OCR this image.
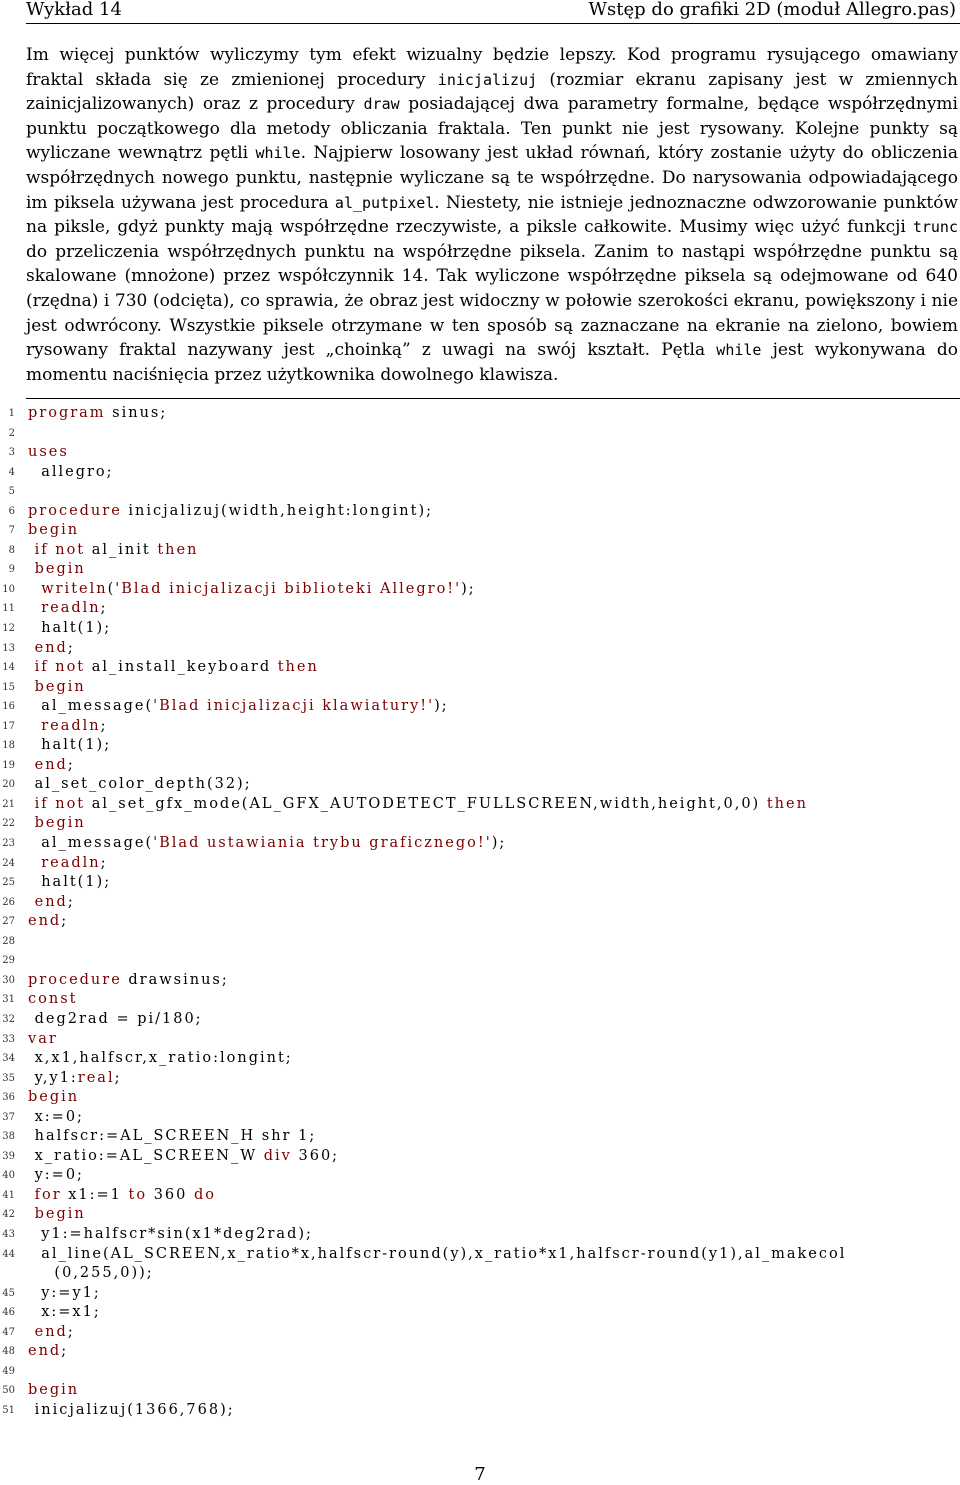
Wykład 14	Wstęp do grafiki 2D (moduł Allegro.pas)
Im więcej punktów wyliczymy tym efekt wizualny będzie lepszy. Kod programu rysującego omawiany fraktal składa się ze zmienionej procedury inicjalizuj (rozmiar ekranu zapisany jest w zmiennych zainicjalizowanych) oraz z procedury draw posiadającej dwa parametry formalne, będące współrzędnymi punktu początkowego dla metody obliczania fraktala. Ten punkt nie jest rysowany. Kolejne punkty są wyliczane wewnątrz pętli while. Najpierw losowany jest układ równań, który zostanie użyty do obliczenia współrzędnych nowego punktu, następnie wyliczane są te współrzędne. Do narysowania odpowiadającego im piksela używana jest procedura al_putpixel. Niestety, nie istnieje jednoznaczne odwzorowanie punktów na piksle, gdyż punkty mają współrzędne rzeczywiste, a piksle całkowite. Musimy więc użyć funkcji trunc do przeliczenia współrzędnych punktu na współrzędne piksela. Zanim to nastąpi współrzędne punktu są skalowane (mnożone) przez współczynnik 14. Tak wyliczone współrzędne piksela są odejmowane od 640 (rzędna) i 730 (odcięta), co sprawia, że obraz jest widoczny w połowie szerokości ekranu, powiększony i nie jest odwrócony. Wszystkie piksele otrzymane w ten sposób są zaznaczane na ekranie na zielono, bowiem rysowany fraktal nazywany jest „choinką” z uwagi na swój kształt. Pętla while jest wykonywana do momentu naciśnięcia przez użytkownika dowolnego klawisza.
1 program sinus;
2
3 uses
4 allegro;
5
6 procedure inicjalizuj(width,height:longint);
7 begin
8	if not al_init then
9	begin
10	writeln('Blad inicjalizacji biblioteki Allegro!');
11	readln;
12 halt(1);
13	end;
14	if not al_install_keyboard then
15	begin
16 al_message('Blad inicjalizacji klawiatury!');
17	readln;
18 halt(1);
19	end;
20 al_set_color_depth(32);
21	if not al_set_gfx_mode(AL_GFX_AUTODETECT_FULLSCREEN,width,height,0,0) then
22	begin
23 al_message('Blad ustawiania trybu graficznego!');
24	readln;
25 halt(1);
26	end;
27 end;
28
29
30 procedure drawsinus;
31 const
32 deg2rad = pi/180;
33 var
34 x,x1,halfscr,x_ratio:longint;
35 y,y1:real;
36 begin
37 x:=0;
38 halfscr:=AL_SCREEN_H shr 1;
39 x_ratio:=AL_SCREEN_W div 360;
40 y:=0;
41	for x1:=1 to 360 do
42	begin
43 y1:=halfscr*sin(x1*deg2rad);
44 al_line(AL_SCREEN,x_ratio*x,halfscr-round(y),x_ratio*x1,halfscr-round(y1),al_makecol
(0,255,0));
45 y:=y1;
46 x:=x1;
47	end;
48 end;
49
50 begin
51 inicjalizuj(1366,768);
7
